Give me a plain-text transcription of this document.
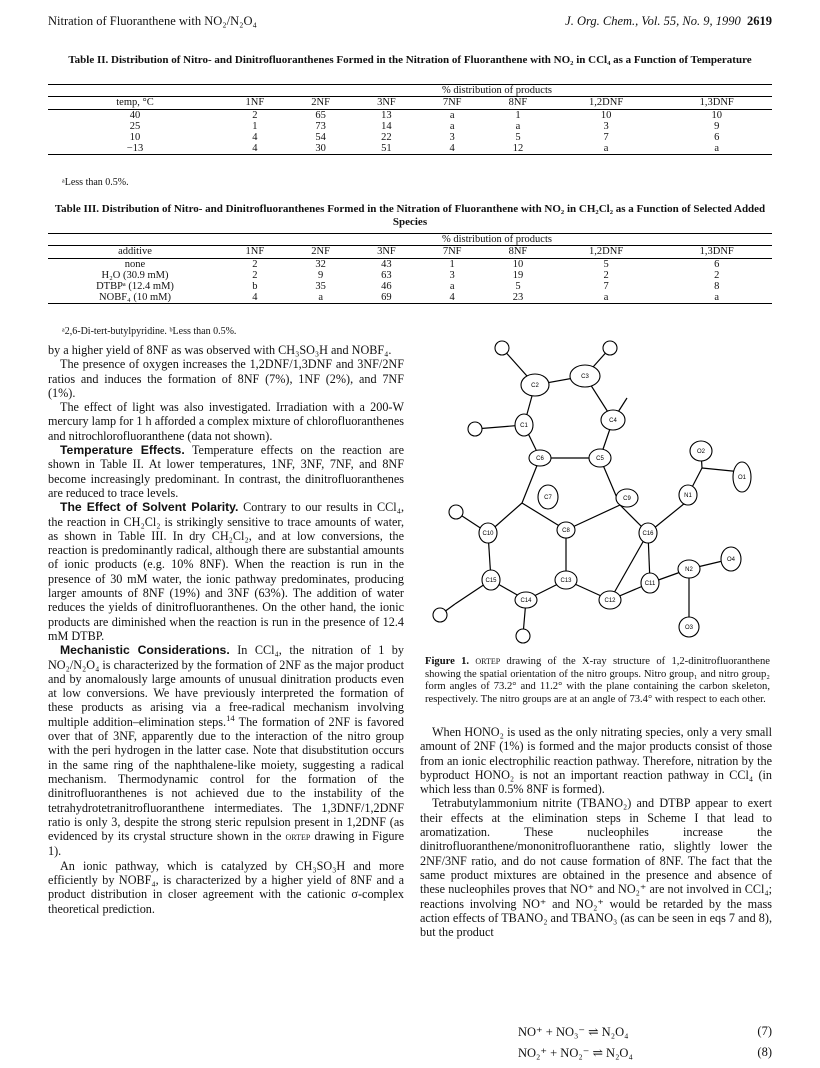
Nitration of Fluoranthene with NO₂/N₂O₄	J. Org. Chem., Vol. 55, No. 9, 1990 2619
Table II. Distribution of Nitro- and Dinitrofluoranthenes Formed in the Nitration of Fluoranthene with NO₂ in CCl₄ as a Function of Temperature

	% distribution of products						
temp, °C	1NF	2NF	3NF	7NF	8NF	1,2DNF	1,3DNF
40	2	65	13	a	1	10	10
25	1	73	14	a	a	3	9
10	4	54	22	3	5	7	6
−13	4	30	51	4	12	a	a
ᵃLess than 0.5%.
Table III. Distribution of Nitro- and Dinitrofluoranthenes Formed in the Nitration of Fluoranthene with NO₂ in CH₂Cl₂ as a Function of Selected Added Species

	% distribution of products						
additive	1NF	2NF	3NF	7NF	8NF	1,2DNF	1,3DNF
none	2	32	43	1	10	5	6
H₂O (30.9 mM)	2	9	63	3	19	2	2
DTBPᵃ (12.4 mM)	b	35	46	a	5	7	8
NOBF₄ (10 mM)	4	a	69	4	23	a	a
ᵃ2,6-Di-tert-butylpyridine. ᵇLess than 0.5%.

by a higher yield of 8NF as was observed with CH₃SO₃H and NOBF₄.

The presence of oxygen increases the 1,2DNF/1,3DNF and 3NF/2NF ratios and induces the formation of 8NF (7%), 1NF (2%), and 7NF (1%).

The effect of light was also investigated. Irradiation with a 200-W mercury lamp for 1 h afforded a complex mixture of chlorofluoranthenes and nitrochlorofluoranthene (data not shown).

Temperature Effects. Temperature effects on the reaction are shown in Table II. At lower temperatures, 1NF, 3NF, 7NF, and 8NF become increasingly predominant. In contrast, the dinitrofluoranthenes are reduced to trace levels.

The Effect of Solvent Polarity. Contrary to our results in CCl₄, the reaction in CH₂Cl₂ is strikingly sensitive to trace amounts of water, as shown in Table III. In dry CH₂Cl₂, and at low conversions, the reaction is predominantly radical, although there are substantial amounts of ionic products (e.g. 10% 8NF). When the reaction is run in the presence of 30 mM water, the ionic pathway predominates, producing larger amounts of 8NF (19%) and 3NF (63%). The addition of water reduces the yields of dinitrofluoranthenes. On the other hand, the ionic products are diminished when the reaction is run in the presence of 12.4 mM DTBP.

Mechanistic Considerations. In CCl₄, the nitration of 1 by NO₂/N₂O₄ is characterized by the formation of 2NF as the major product and by anomalously large amounts of unusual dinitration products even at low conversions. We have previously interpreted the formation of these products as arising via a free-radical mechanism involving multiple addition–elimination steps.$^{14}$ The formation of 2NF is favored over that of 3NF, apparently due to the interaction of the nitro group with the peri hydrogen in the latter case. Note that disubstitution occurs in the same ring of the naphthalene-like moiety, suggesting a radical mechanism. Thermodynamic control for the formation of the dinitrofluoranthenes is not achieved due to the instability of the tetrahydrotetranitrofluoranthene intermediates. The 1,3DNF/1,2DNF ratio is only 3, despite the strong steric repulsion present in 1,2DNF (as evidenced by its crystal structure shown in the ortep drawing in Figure 1).

An ionic pathway, which is catalyzed by CH₃SO₃H and more efficiently by NOBF₄, is characterized by a higher yield of 8NF and a product distribution in closer agreement with the cationic σ-complex theoretical prediction.

C2
C3
C1
C4
C6	C5
O2
N1
O1
C7	C9
C16
C10	C8
C11
O4
C15	C13
N2
C14	C12
O3
Figure 1. ortep drawing of the X-ray structure of 1,2-dinitrofluoranthene showing the spatial orientation of the nitro groups. Nitro group₁ and nitro group₂ form angles of 73.2° and 11.2° with the plane containing the carbon skeleton, respectively. The nitro groups are at an angle of 73.4° with respect to each other.

When HONO₂ is used as the only nitrating species, only a very small amount of 2NF (1%) is formed and the major products consist of those from an ionic electrophilic reaction pathway. Therefore, nitration by the byproduct HONO₂ is not an important reaction pathway in CCl₄ (in which less than 0.5% 8NF is formed).

Tetrabutylammonium nitrite (TBANO₂) and DTBP appear to exert their effects at the elimination steps in Scheme I that lead to aromatization. These nucleophiles increase the dinitrofluoranthene/mononitrofluoranthene ratio, slightly lower the 2NF/3NF ratio, and do not cause formation of 8NF. The fact that the same product mixtures are obtained in the presence and absence of these nucleophiles proves that NO⁺ and NO₂⁺ are not involved in CCl₄; reactions involving NO⁺ and NO₂⁺ would be retarded by the mass action effects of TBANO₂ and TBANO₃ (as can be seen in eqs 7 and 8), but the product

NO⁺ + NO₃⁻ ⇌ N₂O₄	(7)
NO₂⁺ + NO₂⁻ ⇌ N₂O₄	(8)
